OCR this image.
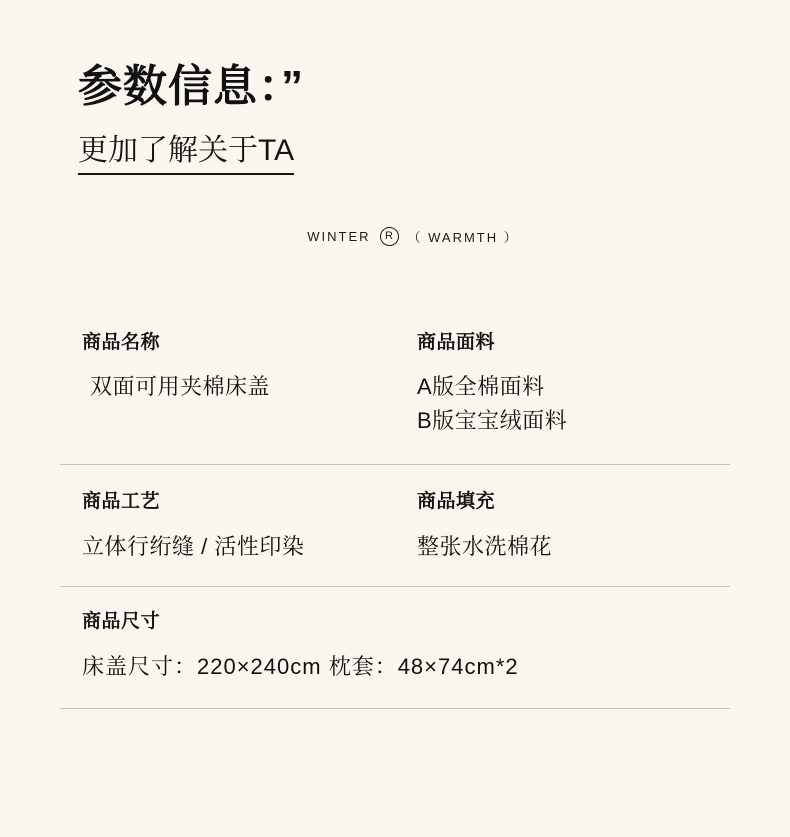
参数信息：”
更加了解关于TA
WINTER	R	（ WARMTH ）

商品名称

双面可用夹棉床盖

商品面料

A版全棉面料

B版宝宝绒面料

商品工艺

立体行绗缝 / 活性印染

商品填充

整张水洗棉花

商品尺寸

床盖尺寸：220×240cm 枕套：48×74cm*2
